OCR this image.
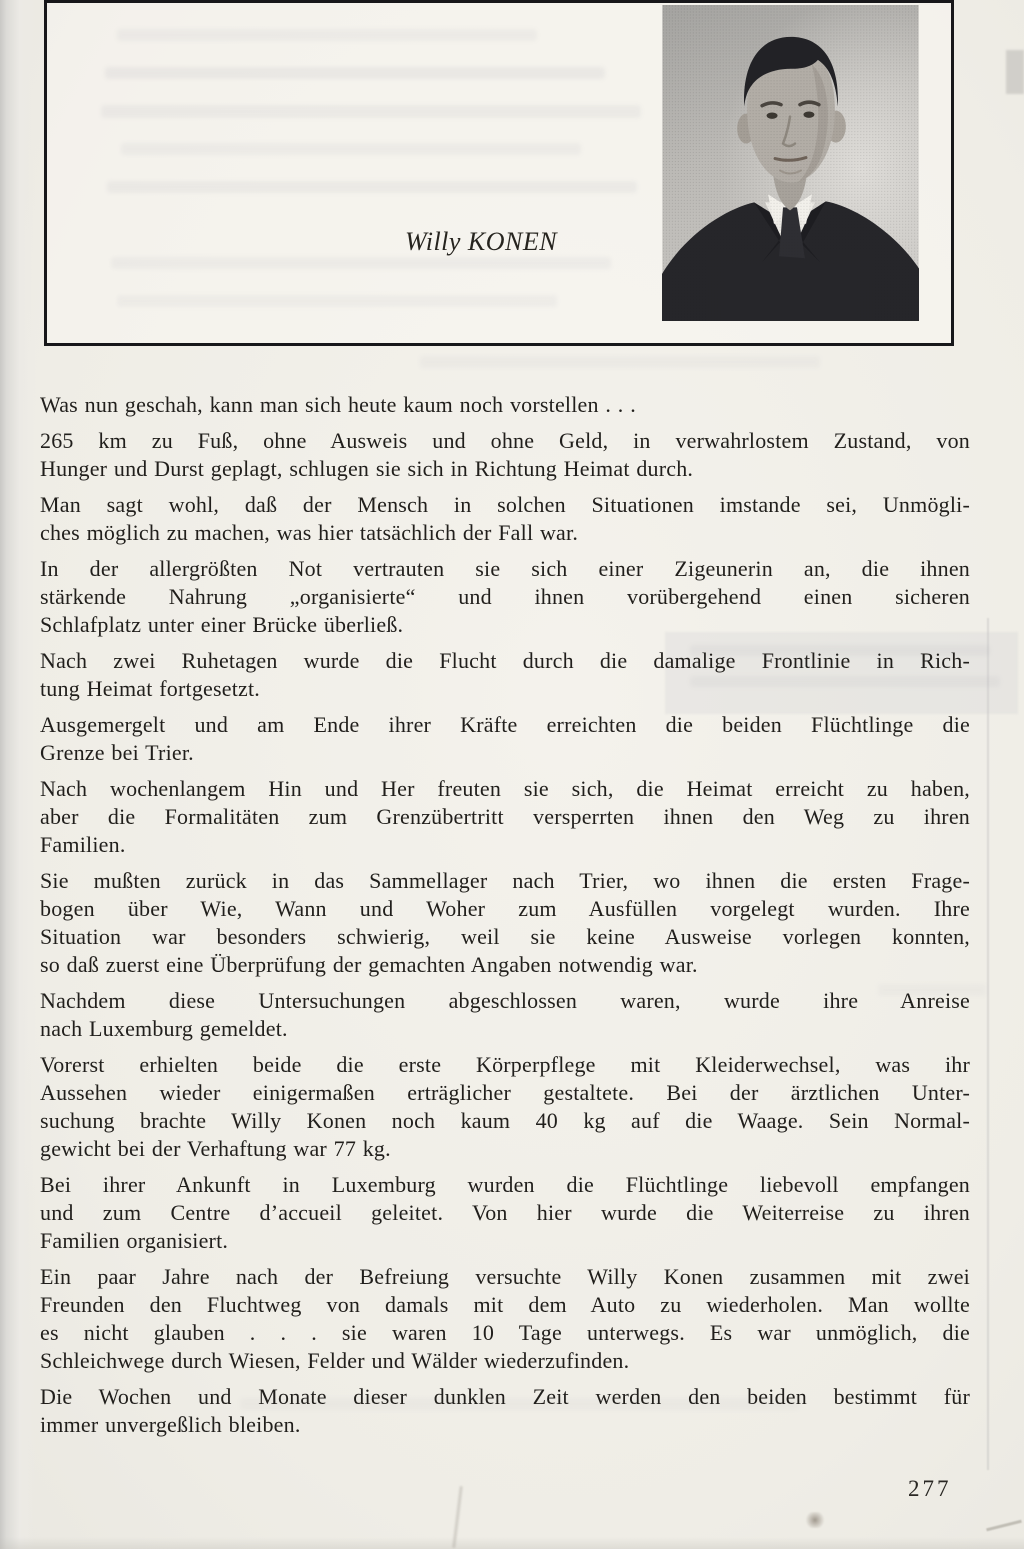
Willy KONEN
Was nun geschah, kann man sich heute kaum noch vorstellen . . .
265 km zu Fuß, ohne Ausweis und ohne Geld, in verwahrlostem Zustand, von
Hunger und Durst geplagt, schlugen sie sich in Richtung Heimat durch.
Man sagt wohl, daß der Mensch in solchen Situationen imstande sei, Unmögli-
ches möglich zu machen, was hier tatsächlich der Fall war.
In der allergrößten Not vertrauten sie sich einer Zigeunerin an, die ihnen
stärkende Nahrung „organisierte“ und ihnen vorübergehend einen sicheren
Schlafplatz unter einer Brücke überließ.
Nach zwei Ruhetagen wurde die Flucht durch die damalige Frontlinie in Rich-
tung Heimat fortgesetzt.
Ausgemergelt und am Ende ihrer Kräfte erreichten die beiden Flüchtlinge die
Grenze bei Trier.
Nach wochenlangem Hin und Her freuten sie sich, die Heimat erreicht zu haben,
aber die Formalitäten zum Grenzübertritt versperrten ihnen den Weg zu ihren
Familien.
Sie mußten zurück in das Sammellager nach Trier, wo ihnen die ersten Frage-
bogen über Wie, Wann und Woher zum Ausfüllen vorgelegt wurden. Ihre
Situation war besonders schwierig, weil sie keine Ausweise vorlegen konnten,
so daß zuerst eine Überprüfung der gemachten Angaben notwendig war.
Nachdem diese Untersuchungen abgeschlossen waren, wurde ihre Anreise
nach Luxemburg gemeldet.
Vorerst erhielten beide die erste Körperpflege mit Kleiderwechsel, was ihr
Aussehen wieder einigermaßen erträglicher gestaltete. Bei der ärztlichen Unter-
suchung brachte Willy Konen noch kaum 40 kg auf die Waage. Sein Normal-
gewicht bei der Verhaftung war 77 kg.
Bei ihrer Ankunft in Luxemburg wurden die Flüchtlinge liebevoll empfangen
und zum Centre d’accueil geleitet. Von hier wurde die Weiterreise zu ihren
Familien organisiert.
Ein paar Jahre nach der Befreiung versuchte Willy Konen zusammen mit zwei
Freunden den Fluchtweg von damals mit dem Auto zu wiederholen. Man wollte
es nicht glauben . . . sie waren 10 Tage unterwegs. Es war unmöglich, die
Schleichwege durch Wiesen, Felder und Wälder wiederzufinden.
Die Wochen und Monate dieser dunklen Zeit werden den beiden bestimmt für
immer unvergeßlich bleiben.
277
